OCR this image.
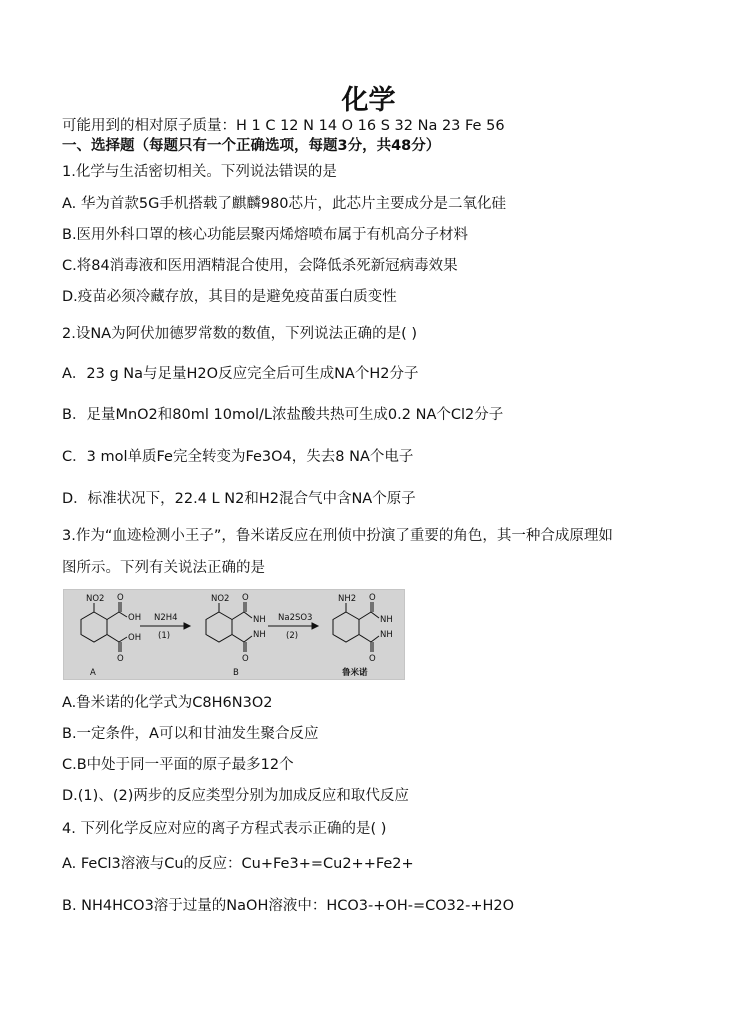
化学
可能用到的相对原子质量：H 1 C 12 N 14 O 16 S 32 Na 23 Fe 56
一、选择题（每题只有一个正确选项，每题3分，共48分）
1.化学与生活密切相关。下列说法错误的是
A. 华为首款5G手机搭载了麒麟980芯片，此芯片主要成分是二氧化硅
B.医用外科口罩的核心功能层聚丙烯熔喷布属于有机高分子材料
C.将84消毒液和医用酒精混合使用，会降低杀死新冠病毒效果
D.疫苗必须冷藏存放，其目的是避免疫苗蛋白质变性
2.设NA为阿伏加德罗常数的数值，下列说法正确的是( )
A．23 g Na与足量H2O反应完全后可生成NA个H2分子
B．足量MnO2和80ml 10mol/L浓盐酸共热可生成0.2 NA个Cl2分子
C．3 mol单质Fe完全转变为Fe3O4，失去8 NA个电子
D．标准状况下，22.4 L N2和H2混合气中含NA个原子
3.作为“血迹检测小王子”，鲁米诺反应在刑侦中扮演了重要的角色，其一种合成原理如
图所示。下列有关说法正确的是
NO2 O
OH
OH
O
A
N2H4
(1)
NO2 O
NH
NH
O
B
Na2SO3
(2)
NH2 O
NH
NH
O
鲁米诺
A.鲁米诺的化学式为C8H6N3O2
B.一定条件，A可以和甘油发生聚合反应
C.B中处于同一平面的原子最多12个
D.(1)、(2)两步的反应类型分别为加成反应和取代反应
4. 下列化学反应对应的离子方程式表示正确的是( )
A. FeCl3溶液与Cu的反应：Cu+Fe3+=Cu2++Fe2+
B. NH4HCO3溶于过量的NaOH溶液中：HCO3-+OH-=CO32-+H2O
